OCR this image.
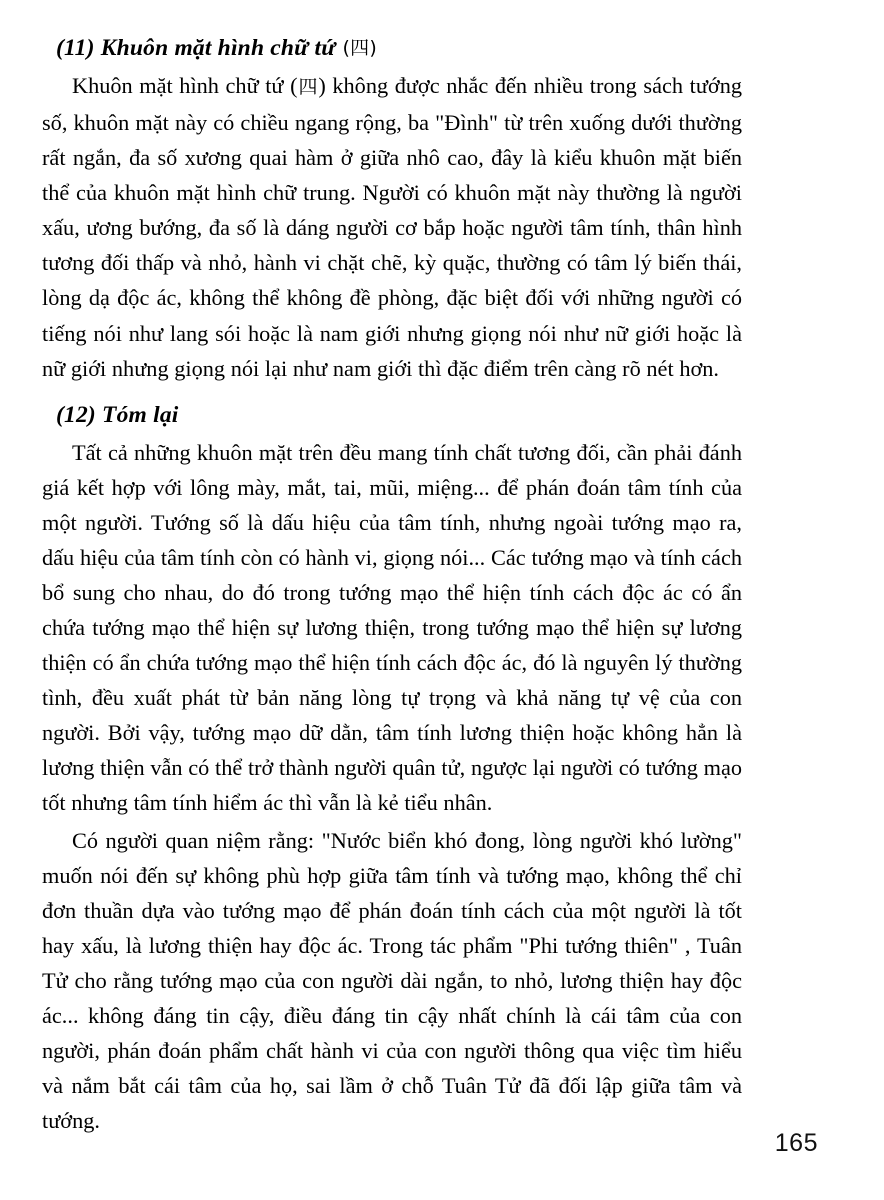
(11) Khuôn mặt hình chữ tứ (四)

Khuôn mặt hình chữ tứ (四) không được nhắc đến nhiều trong sách tướng số, khuôn mặt này có chiều ngang rộng, ba "Đình" từ trên xuống dưới thường rất ngắn, đa số xương quai hàm ở giữa nhô cao, đây là kiểu khuôn mặt biến thể của khuôn mặt hình chữ trung. Người có khuôn mặt này thường là người xấu, ương bướng, đa số là dáng người cơ bắp hoặc người tâm tính, thân hình tương đối thấp và nhỏ, hành vi chặt chẽ, kỳ quặc, thường có tâm lý biến thái, lòng dạ độc ác, không thể không đề phòng, đặc biệt đối với những người có tiếng nói như lang sói hoặc là nam giới nhưng giọng nói như nữ giới hoặc là nữ giới nhưng giọng nói lại như nam giới thì đặc điểm trên càng rõ nét hơn.

(12) Tóm lại

Tất cả những khuôn mặt trên đều mang tính chất tương đối, cần phải đánh giá kết hợp với lông mày, mắt, tai, mũi, miệng... để phán đoán tâm tính của một người. Tướng số là dấu hiệu của tâm tính, nhưng ngoài tướng mạo ra, dấu hiệu của tâm tính còn có hành vi, giọng nói... Các tướng mạo và tính cách bổ sung cho nhau, do đó trong tướng mạo thể hiện tính cách độc ác có ẩn chứa tướng mạo thể hiện sự lương thiện, trong tướng mạo thể hiện sự lương thiện có ẩn chứa tướng mạo thể hiện tính cách độc ác, đó là nguyên lý thường tình, đều xuất phát từ bản năng lòng tự trọng và khả năng tự vệ của con người. Bởi vậy, tướng mạo dữ dằn, tâm tính lương thiện hoặc không hẳn là lương thiện vẫn có thể trở thành người quân tử, ngược lại người có tướng mạo tốt nhưng tâm tính hiểm ác thì vẫn là kẻ tiểu nhân.

Có người quan niệm rằng: "Nước biển khó đong, lòng người khó lường" muốn nói đến sự không phù hợp giữa tâm tính và tướng mạo, không thể chỉ đơn thuần dựa vào tướng mạo để phán đoán tính cách của một người là tốt hay xấu, là lương thiện hay độc ác. Trong tác phẩm "Phi tướng thiên" , Tuân Tử cho rằng tướng mạo của con người dài ngắn, to nhỏ, lương thiện hay độc ác... không đáng tin cậy, điều đáng tin cậy nhất chính là cái tâm của con người, phán đoán phẩm chất hành vi của con người thông qua việc tìm hiểu và nắm bắt cái tâm của họ, sai lầm ở chỗ Tuân Tử đã đối lập giữa tâm và tướng.

165
